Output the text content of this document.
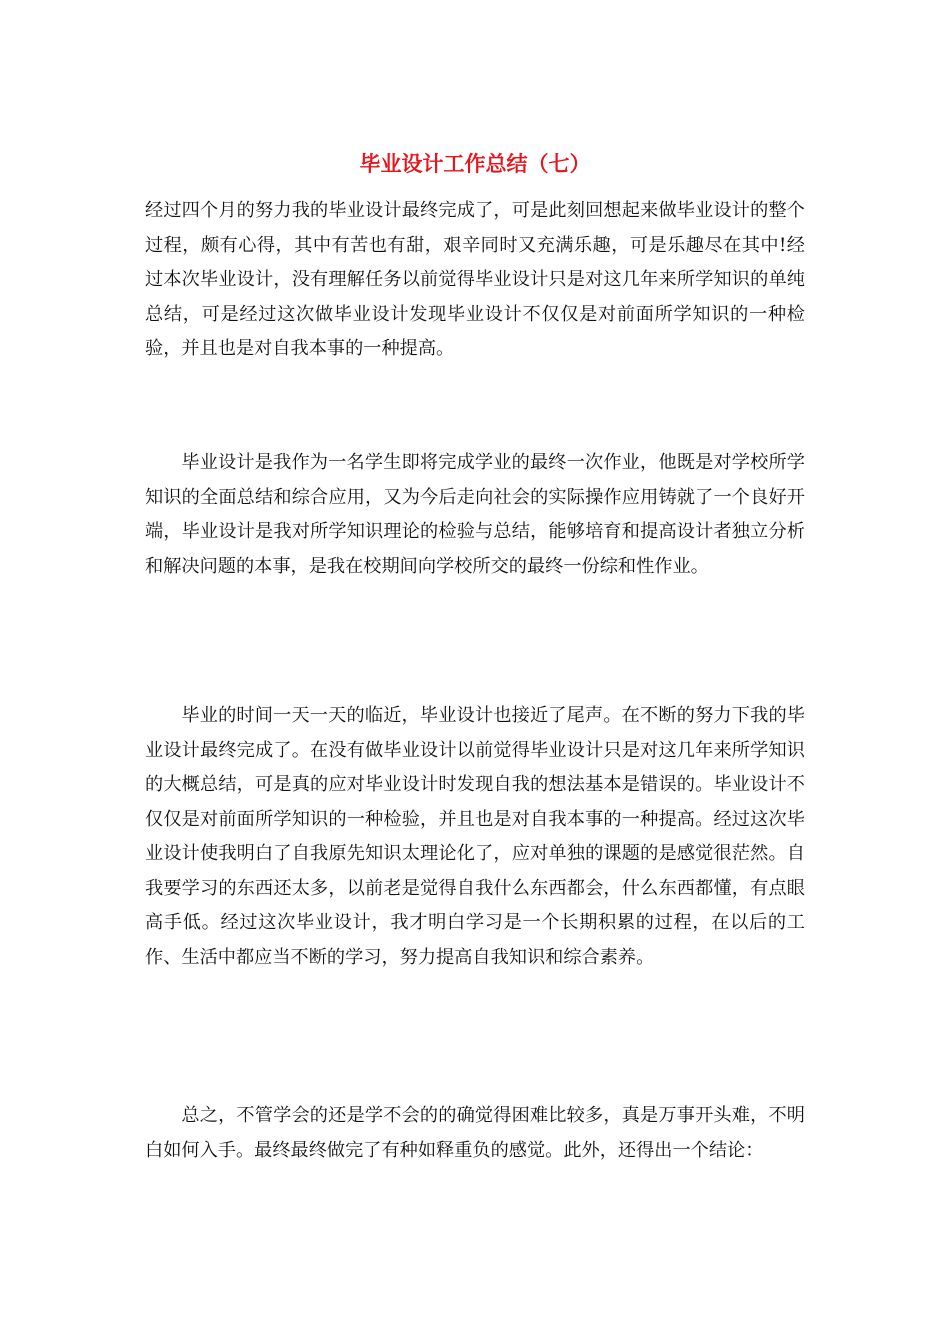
毕业设计工作总结（七）

经过四个月的努力我的毕业设计最终完成了，可是此刻回想起来做毕业设计的整个过程，颇有心得，其中有苦也有甜，艰辛同时又充满乐趣，可是乐趣尽在其中!经过本次毕业设计，没有理解任务以前觉得毕业设计只是对这几年来所学知识的单纯总结，可是经过这次做毕业设计发现毕业设计不仅仅是对前面所学知识的一种检验，并且也是对自我本事的一种提高。

毕业设计是我作为一名学生即将完成学业的最终一次作业，他既是对学校所学知识的全面总结和综合应用，又为今后走向社会的实际操作应用铸就了一个良好开端，毕业设计是我对所学知识理论的检验与总结，能够培育和提高设计者独立分析和解决问题的本事，是我在校期间向学校所交的最终一份综和性作业。

毕业的时间一天一天的临近，毕业设计也接近了尾声。在不断的努力下我的毕业设计最终完成了。在没有做毕业设计以前觉得毕业设计只是对这几年来所学知识的大概总结，可是真的应对毕业设计时发现自我的想法基本是错误的。毕业设计不仅仅是对前面所学知识的一种检验，并且也是对自我本事的一种提高。经过这次毕业设计使我明白了自我原先知识太理论化了，应对单独的课题的是感觉很茫然。自我要学习的东西还太多，以前老是觉得自我什么东西都会，什么东西都懂，有点眼高手低。经过这次毕业设计，我才明白学习是一个长期积累的过程，在以后的工作、生活中都应当不断的学习，努力提高自我知识和综合素养。

总之，不管学会的还是学不会的的确觉得困难比较多，真是万事开头难，不明白如何入手。最终最终做完了有种如释重负的感觉。此外，还得出一个结论：
